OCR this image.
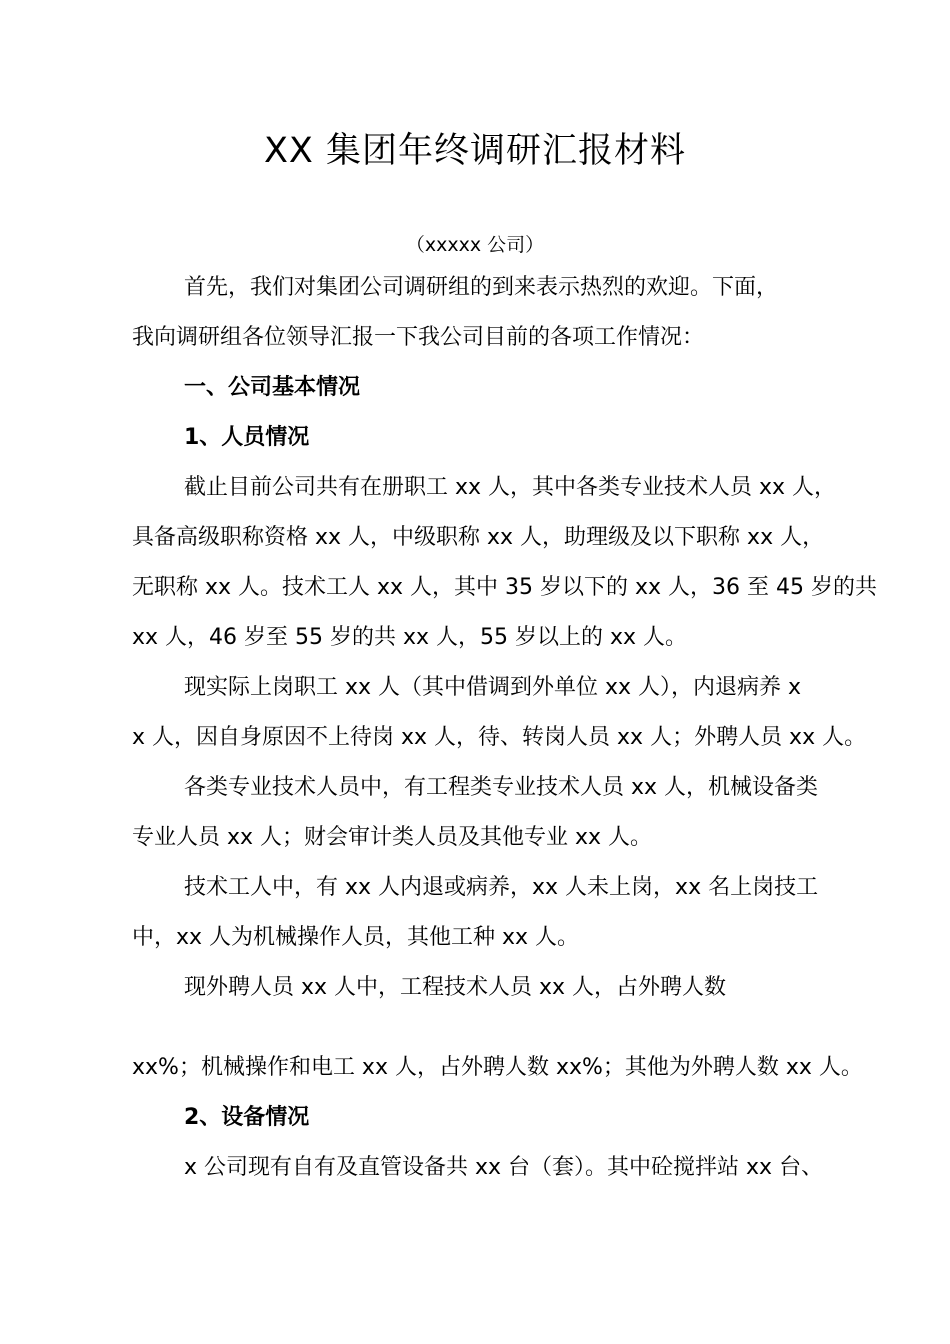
XX 集团年终调研汇报材料
（xxxxx 公司）
首先，我们对集团公司调研组的到来表示热烈的欢迎。下面，
我向调研组各位领导汇报一下我公司目前的各项工作情况：
一、公司基本情况
1、人员情况
截止目前公司共有在册职工 xx 人，其中各类专业技术人员 xx 人，
具备高级职称资格 xx 人，中级职称 xx 人，助理级及以下职称 xx 人，
无职称 xx 人。技术工人 xx 人，其中 35 岁以下的 xx 人，36 至 45 岁的共
xx 人，46 岁至 55 岁的共 xx 人，55 岁以上的 xx 人。
现实际上岗职工 xx 人（其中借调到外单位 xx 人），内退病养 x
x 人，因自身原因不上待岗 xx 人，待、转岗人员 xx 人；外聘人员 xx 人。
各类专业技术人员中，有工程类专业技术人员 xx 人，机械设备类
专业人员 xx 人；财会审计类人员及其他专业 xx 人。
技术工人中，有 xx 人内退或病养，xx 人未上岗，xx 名上岗技工
中，xx 人为机械操作人员，其他工种 xx 人。
现外聘人员 xx 人中，工程技术人员 xx 人，占外聘人数
xx%；机械操作和电工 xx 人，占外聘人数 xx%；其他为外聘人数 xx 人。
2、设备情况
x 公司现有自有及直管设备共 xx 台（套）。其中砼搅拌站 xx 台、
